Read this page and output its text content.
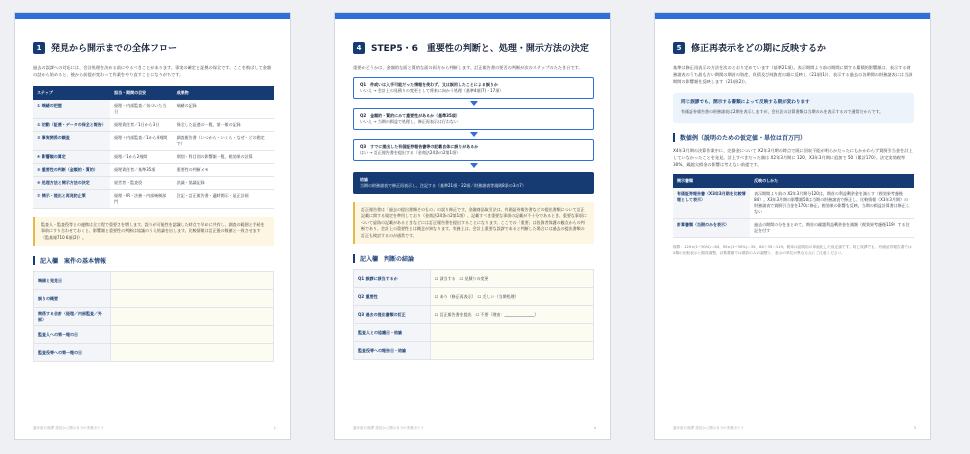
1	発見から開示までの全体フロー
過去の誤謬への対応には、会計処理を決める前にやるべきことがあります。事実の確定と証拠の保全です。ここを飛ばして金額の話から始めると、後から前提が変わって作業をやり直すことになりがちです。
ステップ	担当・期間の目安	成果物
① 端緒の把握	経理・内部監査／気づいた当日	端緒の記録
② 初動（証憑・データの保全と報告）	経理責任者／1日から3日	保全した証憑の一覧、第一報の記録
③ 事実関係の調査	経理＋内部監査／1から4週間	調査報告書（いつから・いくら・なぜ・どの勘定で）
④ 影響額の算定	経理／1から2週間	期別・科目別の影響額一覧、税効果の計算
⑤ 重要性の判断（金額的・質的）	経理責任者／基準35項	重要性の判断メモ
⑥ 処理方法と開示方法の決定	経営者・監査役	決議・協議記録
⑦ 開示・提出と再発防止策	経理・IR・法務・内部統制部門	注記・訂正報告書・適時開示・是正計画
監査人・監査役等との連携は全工程で重要さを増します。誤りが可能性を認識した時点で早めに共有し、調査の範囲と手続を事前にすり合わせておくと、影響額と重要性の判断は協議のうえ結論を出します。比較情報は訂正後の数値と一致させます（監基報710 6項(2)）。
記入欄　案件の基本情報
端緒と発見日	
誤りの概要	
関係する会計（経理／内部監査／外部）	
監査人への第一報の日	
監査役等への第一報の日	
過年度の誤謬 発見から開示までの実務ガイド	1
4	STEP5・6　重要性の判断と、処理・開示方法の決定
重要かどうかは、金額的な面と質的な面の両方から判断します。訂正報告書の要否の判断が次のステップのたたき台です。
Q1　件或いは入手可能だった情報を使わず、又は誤用したことによる誤りか
いいえ → 会計上の見積りの変更として将来に向かう処理（基準4項(7)・17項）
Q2　金額的・質的にみて重要性があるか（基準35項）
いいえ → 当期の損益で処理し、修正再表示は行わない
Q3　すでに提出した有価証券報告書等の記載自体に誤りがあるか
はい → 訂正報告書を提出する（金商法24条の2第1項）
結論
当期の財務諸表で修正再表示し、注記する（基準21項・22項／財務諸表等規則8条の3の7）
訂正報告書は「過去の提出書類そのもの」の誤り修正です。金融商品取引法は、有価証券報告書などの提出書類について訂正記載に関する規定を準用しており（金商法24条の2第1項）、記載すべき重要な事項の記載が不十分であるとき、重要な事項について虚偽の記載があるときなどには訂正報告書を提出することになります。ここでの「重要」は投資者保護の観点からの判断であり、会計上の重要性とは概念が異なります。実務上は、会計上重要な誤謬であると判断した場合には過去の提出書類の訂正も検討するのが通常です。
記入欄　判断の結論
Q1 誤謬に該当するか	☐ 該当する　☐ 見積りの変更
Q2 重要性	☐ あり（修正再表示）　☐ 乏しい（当期処理）
Q3 過去の提出書類の訂正	☐ 訂正報告書を提出　☐ 不要（理由：_______________）
監査人との協議日・結論	
監査役等への報告日・結論	
過年度の誤謬 発見から開示までの実務ガイド	4
5	修正再表示をどの期に反映するか
基準は修正再表示の方法を次のとおり定めています（基準21項）。表示期間より前の期間に関する累積的影響額は、表示する財務諸表のうち最も古い期間の期首の資産、負債及び純資産の額に反映し（21項(1)）、表示する過去の各期間の財務諸表には当該期間の影響額を反映します（21項(2)）。
同じ誤謬でも、開示する書類によって反映する期が変わります
有価証券報告書の財務諸表は2期を表示しますが、会社法の計算書類は当期のみを表示するので通常だからです。
数値例（説明のための仮定値・単位は百万円）
X4年3月期の決算作業中に、売掛金について X2年3月期の時点で既に回収不能が明らかだったにもかかわらず貸倒引当金を計上していなかったことを発見。計上すべきだった額は X2年3月期に 120、X3年3月期に追加で 50（累計170）。法定実効税率30%、繰越欠損金の影響は考えない前提です。
開示書類	反映のしかた
有価証券報告書（X3年3月期を比較情報として表示）	表示期間より前の X2年3月期分120は、期首の利益剰余金を減らす（税効果考慮後84）。X3年3月期の影響額50は当期の財務諸表で修正し、比較情報（X3年3月期）の財務諸表で貸倒引当金を170に修正。税効果の影響も反映。当期の損益計算書は修正しない
計算書類（当期のみを表示）	過去の期間の分をまとめて、期首の繰越利益剰余金を減額（税効果考慮後119）する注記を付す
検算：120×(1−30%)＝84、50×(1−30%)＝35、84＋35＝119。税率は説明用の単純化した仮定値です。同じ誤謬でも、有価証券報告書では2期の比較表示と期首調整、計算書類では期首のみの調整と、表示の単位が異なる点にご注意ください。
過年度の誤謬 発見から開示までの実務ガイド	5
